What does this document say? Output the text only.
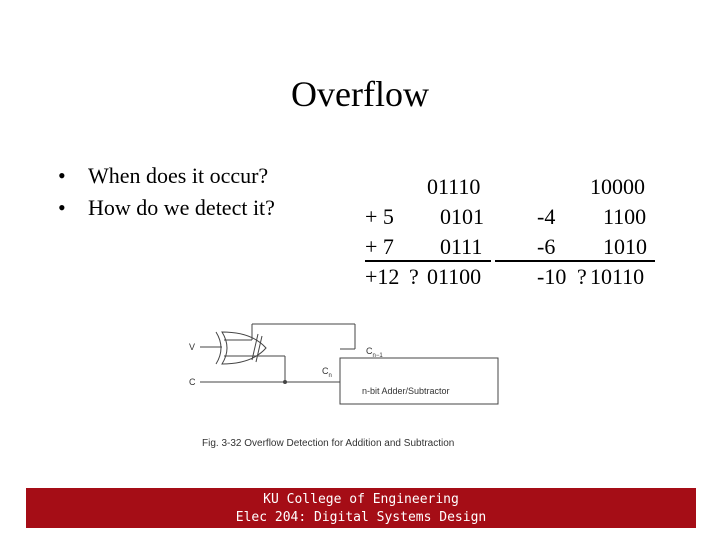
Overflow
• When does it occur?
• How do we detect it?

01110

+ 5

0101

+ 7

0111

+12

?

01100

10000

-4

1100

-6

1010

-10

?

10110

V
C
$C_{n-1}$
$C_n$
n-bit Adder/Subtractor
Fig. 3-32 Overflow Detection for Addition and Subtraction
KU College of Engineering
Elec 204: Digital Systems Design
